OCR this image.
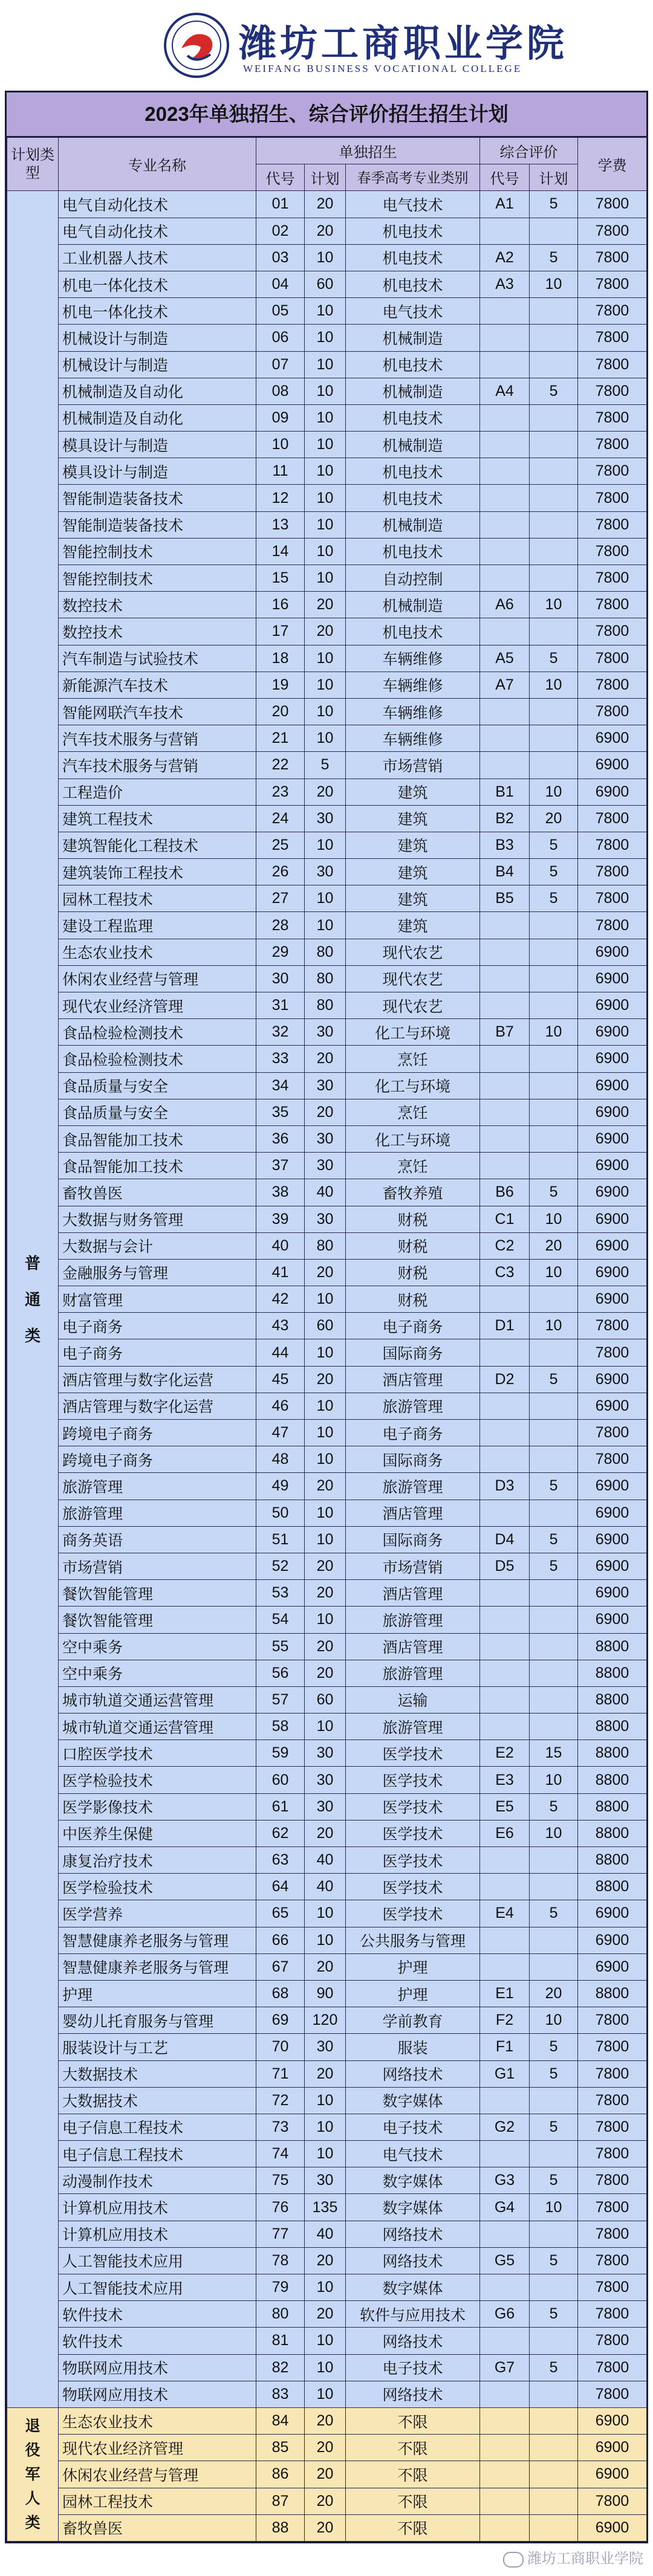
潍坊工商职业学院
WEIFANG BUSINESS VOCATIONAL COLLEGE
2023年单独招生、综合评价招生招生计划
计划类型	专业名称	单独招生			综合评价		学费
		代号	计划	春季高考专业类别	代号	计划	
普通类	电气自动化技术	01	20	电气技术	A1	5	7800
	电气自动化技术	02	20	机电技术			7800
	工业机器人技术	03	10	机电技术	A2	5	7800
	机电一体化技术	04	60	机电技术	A3	10	7800
	机电一体化技术	05	10	电气技术			7800
	机械设计与制造	06	10	机械制造			7800
	机械设计与制造	07	10	机电技术			7800
	机械制造及自动化	08	10	机械制造	A4	5	7800
	机械制造及自动化	09	10	机电技术			7800
	模具设计与制造	10	10	机械制造			7800
	模具设计与制造	11	10	机电技术			7800
	智能制造装备技术	12	10	机电技术			7800
	智能制造装备技术	13	10	机械制造			7800
	智能控制技术	14	10	机电技术			7800
	智能控制技术	15	10	自动控制			7800
	数控技术	16	20	机械制造	A6	10	7800
	数控技术	17	20	机电技术			7800
	汽车制造与试验技术	18	10	车辆维修	A5	5	7800
	新能源汽车技术	19	10	车辆维修	A7	10	7800
	智能网联汽车技术	20	10	车辆维修			7800
	汽车技术服务与营销	21	10	车辆维修			6900
	汽车技术服务与营销	22	5	市场营销			6900
	工程造价	23	20	建筑	B1	10	6900
	建筑工程技术	24	30	建筑	B2	20	7800
	建筑智能化工程技术	25	10	建筑	B3	5	7800
	建筑装饰工程技术	26	30	建筑	B4	5	7800
	园林工程技术	27	10	建筑	B5	5	7800
	建设工程监理	28	10	建筑			7800
	生态农业技术	29	80	现代农艺			6900
	休闲农业经营与管理	30	80	现代农艺			6900
	现代农业经济管理	31	80	现代农艺			6900
	食品检验检测技术	32	30	化工与环境	B7	10	6900
	食品检验检测技术	33	20	烹饪			6900
	食品质量与安全	34	30	化工与环境			6900
	食品质量与安全	35	20	烹饪			6900
	食品智能加工技术	36	30	化工与环境			6900
	食品智能加工技术	37	30	烹饪			6900
	畜牧兽医	38	40	畜牧养殖	B6	5	6900
	大数据与财务管理	39	30	财税	C1	10	6900
	大数据与会计	40	80	财税	C2	20	6900
	金融服务与管理	41	20	财税	C3	10	6900
	财富管理	42	10	财税			6900
	电子商务	43	60	电子商务	D1	10	7800
	电子商务	44	10	国际商务			7800
	酒店管理与数字化运营	45	20	酒店管理	D2	5	6900
	酒店管理与数字化运营	46	10	旅游管理			6900
	跨境电子商务	47	10	电子商务			7800
	跨境电子商务	48	10	国际商务			7800
	旅游管理	49	20	旅游管理	D3	5	6900
	旅游管理	50	10	酒店管理			6900
	商务英语	51	10	国际商务	D4	5	6900
	市场营销	52	20	市场营销	D5	5	6900
	餐饮智能管理	53	20	酒店管理			6900
	餐饮智能管理	54	10	旅游管理			6900
	空中乘务	55	20	酒店管理			8800
	空中乘务	56	20	旅游管理			8800
	城市轨道交通运营管理	57	60	运输			8800
	城市轨道交通运营管理	58	10	旅游管理			8800
	口腔医学技术	59	30	医学技术	E2	15	8800
	医学检验技术	60	30	医学技术	E3	10	8800
	医学影像技术	61	30	医学技术	E5	5	8800
	中医养生保健	62	20	医学技术	E6	10	8800
	康复治疗技术	63	40	医学技术			8800
	医学检验技术	64	40	医学技术			8800
	医学营养	65	10	医学技术	E4	5	6900
	智慧健康养老服务与管理	66	10	公共服务与管理			6900
	智慧健康养老服务与管理	67	20	护理			6900
	护理	68	90	护理	E1	20	8800
	婴幼儿托育服务与管理	69	120	学前教育	F2	10	7800
	服装设计与工艺	70	30	服装	F1	5	7800
	大数据技术	71	20	网络技术	G1	5	7800
	大数据技术	72	10	数字媒体			7800
	电子信息工程技术	73	10	电子技术	G2	5	7800
	电子信息工程技术	74	10	电气技术			7800
	动漫制作技术	75	30	数字媒体	G3	5	7800
	计算机应用技术	76	135	数字媒体	G4	10	7800
	计算机应用技术	77	40	网络技术			7800
	人工智能技术应用	78	20	网络技术	G5	5	7800
	人工智能技术应用	79	10	数字媒体			7800
	软件技术	80	20	软件与应用技术	G6	5	7800
	软件技术	81	10	网络技术			7800
	物联网应用技术	82	10	电子技术	G7	5	7800
	物联网应用技术	83	10	网络技术			7800
退役军人类	生态农业技术	84	20	不限			6900
	现代农业经济管理	85	20	不限			6900
	休闲农业经营与管理	86	20	不限			6900
	园林工程技术	87	20	不限			7800
	畜牧兽医	88	20	不限			6900
潍坊工商职业学院
